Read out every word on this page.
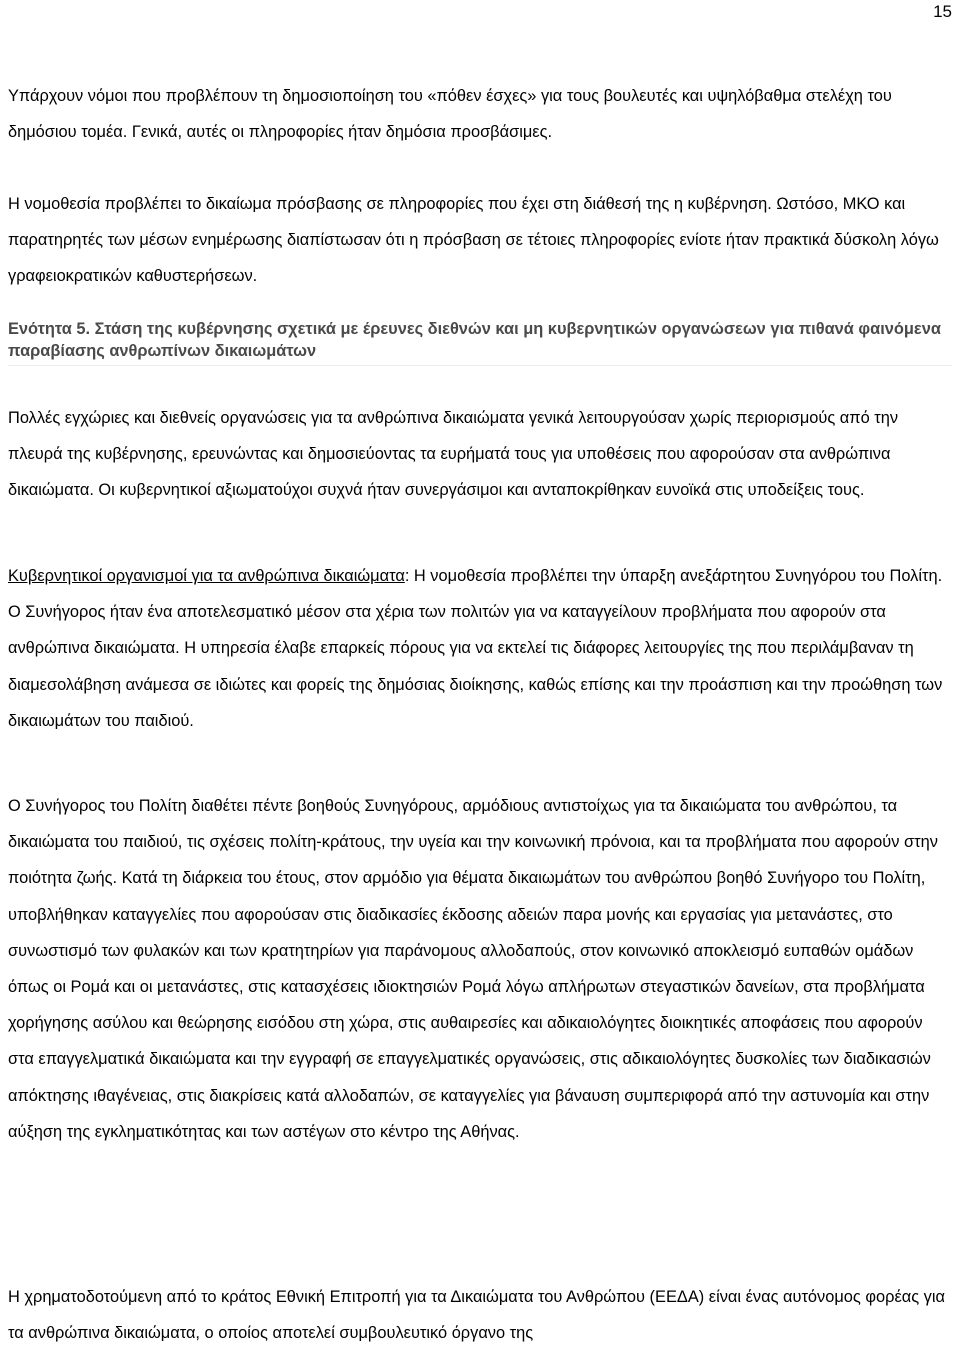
15

Υπάρχουν νόμοι που προβλέπουν τη δημοσιοποίηση του «πόθεν έσχες» για τους βουλευτές και υψηλόβαθμα στελέχη του δημόσιου τομέα. Γενικά, αυτές οι πληροφορίες ήταν δημόσια προσβάσιμες.

Η νομοθεσία προβλέπει το δικαίωμα πρόσβασης σε πληροφορίες που έχει στη διάθεσή της η κυβέρνηση. Ωστόσο, ΜΚΟ και παρατηρητές των μέσων ενημέρωσης διαπίστωσαν ότι η πρόσβαση σε τέτοιες πληροφορίες ενίοτε ήταν πρακτικά δύσκολη λόγω γραφειοκρατικών καθυστερήσεων.

Ενότητα 5. Στάση της κυβέρνησης σχετικά με έρευνες διεθνών και μη κυβερνητικών οργανώσεων για πιθανά φαινόμενα παραβίασης ανθρωπίνων δικαιωμάτων

Πολλές εγχώριες και διεθνείς οργανώσεις για τα ανθρώπινα δικαιώματα γενικά λειτουργούσαν χωρίς περιορισμούς από την πλευρά της κυβέρνησης, ερευνώντας και δημοσιεύοντας τα ευρήματά τους για υποθέσεις που αφορούσαν στα ανθρώπινα δικαιώματα. Οι κυβερνητικοί αξιωματούχοι συχνά ήταν συνεργάσιμοι και ανταποκρίθηκαν ευνοϊκά στις υποδείξεις τους.

Κυβερνητικοί οργανισμοί για τα ανθρώπινα δικαιώματα: Η νομοθεσία προβλέπει την ύπαρξη ανεξάρτητου Συνηγόρου του Πολίτη. Ο Συνήγορος ήταν ένα αποτελεσματικό μέσον στα χέρια των πολιτών για να καταγγείλουν προβλήματα που αφορούν στα ανθρώπινα δικαιώματα. Η υπηρεσία έλαβε επαρκείς πόρους για να εκτελεί τις διάφορες λειτουργίες της που περιλάμβαναν τη διαμεσολάβηση ανάμεσα σε ιδιώτες και φορείς της δημόσιας διοίκησης, καθώς επίσης και την προάσπιση και την προώθηση των δικαιωμάτων του παιδιού.

Ο Συνήγορος του Πολίτη διαθέτει πέντε βοηθούς Συνηγόρους, αρμόδιους αντιστοίχως για τα δικαιώματα του ανθρώπου, τα δικαιώματα του παιδιού, τις σχέσεις πολίτη-κράτους, την υγεία και την κοινωνική πρόνοια, και τα προβλήματα που αφορούν στην ποιότητα ζωής. Κατά τη διάρκεια του έτους, στον αρμόδιο για θέματα δικαιωμάτων του ανθρώπου βοηθό Συνήγορο του Πολίτη, υποβλήθηκαν καταγγελίες που αφορούσαν στις διαδικασίες έκδοσης αδειών παρα μονής και εργασίας για μετανάστες, στο συνωστισμό των φυλακών και των κρατητηρίων για παράνομους αλλοδαπούς, στον κοινωνικό αποκλεισμό ευπαθών ομάδων όπως οι Ρομά και οι μετανάστες, στις κατασχέσεις ιδιοκτησιών Ρομά λόγω απλήρωτων στεγαστικών δανείων, στα προβλήματα χορήγησης ασύλου και θεώρησης εισόδου στη χώρα, στις αυθαιρεσίες και αδικαιολόγητες διοικητικές αποφάσεις που αφορούν στα επαγγελματικά δικαιώματα και την εγγραφή σε επαγγελματικές οργανώσεις, στις αδικαιολόγητες δυσκολίες των διαδικασιών απόκτησης ιθαγένειας, στις διακρίσεις κατά αλλοδαπών, σε καταγγελίες για βάναυση συμπεριφορά από την αστυνομία και στην αύξηση της εγκληματικότητας και των αστέγων στο κέντρο της Αθήνας.

Η χρηματοδοτούμενη από το κράτος Εθνική Επιτροπή για τα Δικαιώματα του Ανθρώπου (ΕΕΔΑ) είναι ένας αυτόνομος φορέας για τα ανθρώπινα δικαιώματα, ο οποίος αποτελεί συμβουλευτικό όργανο της
